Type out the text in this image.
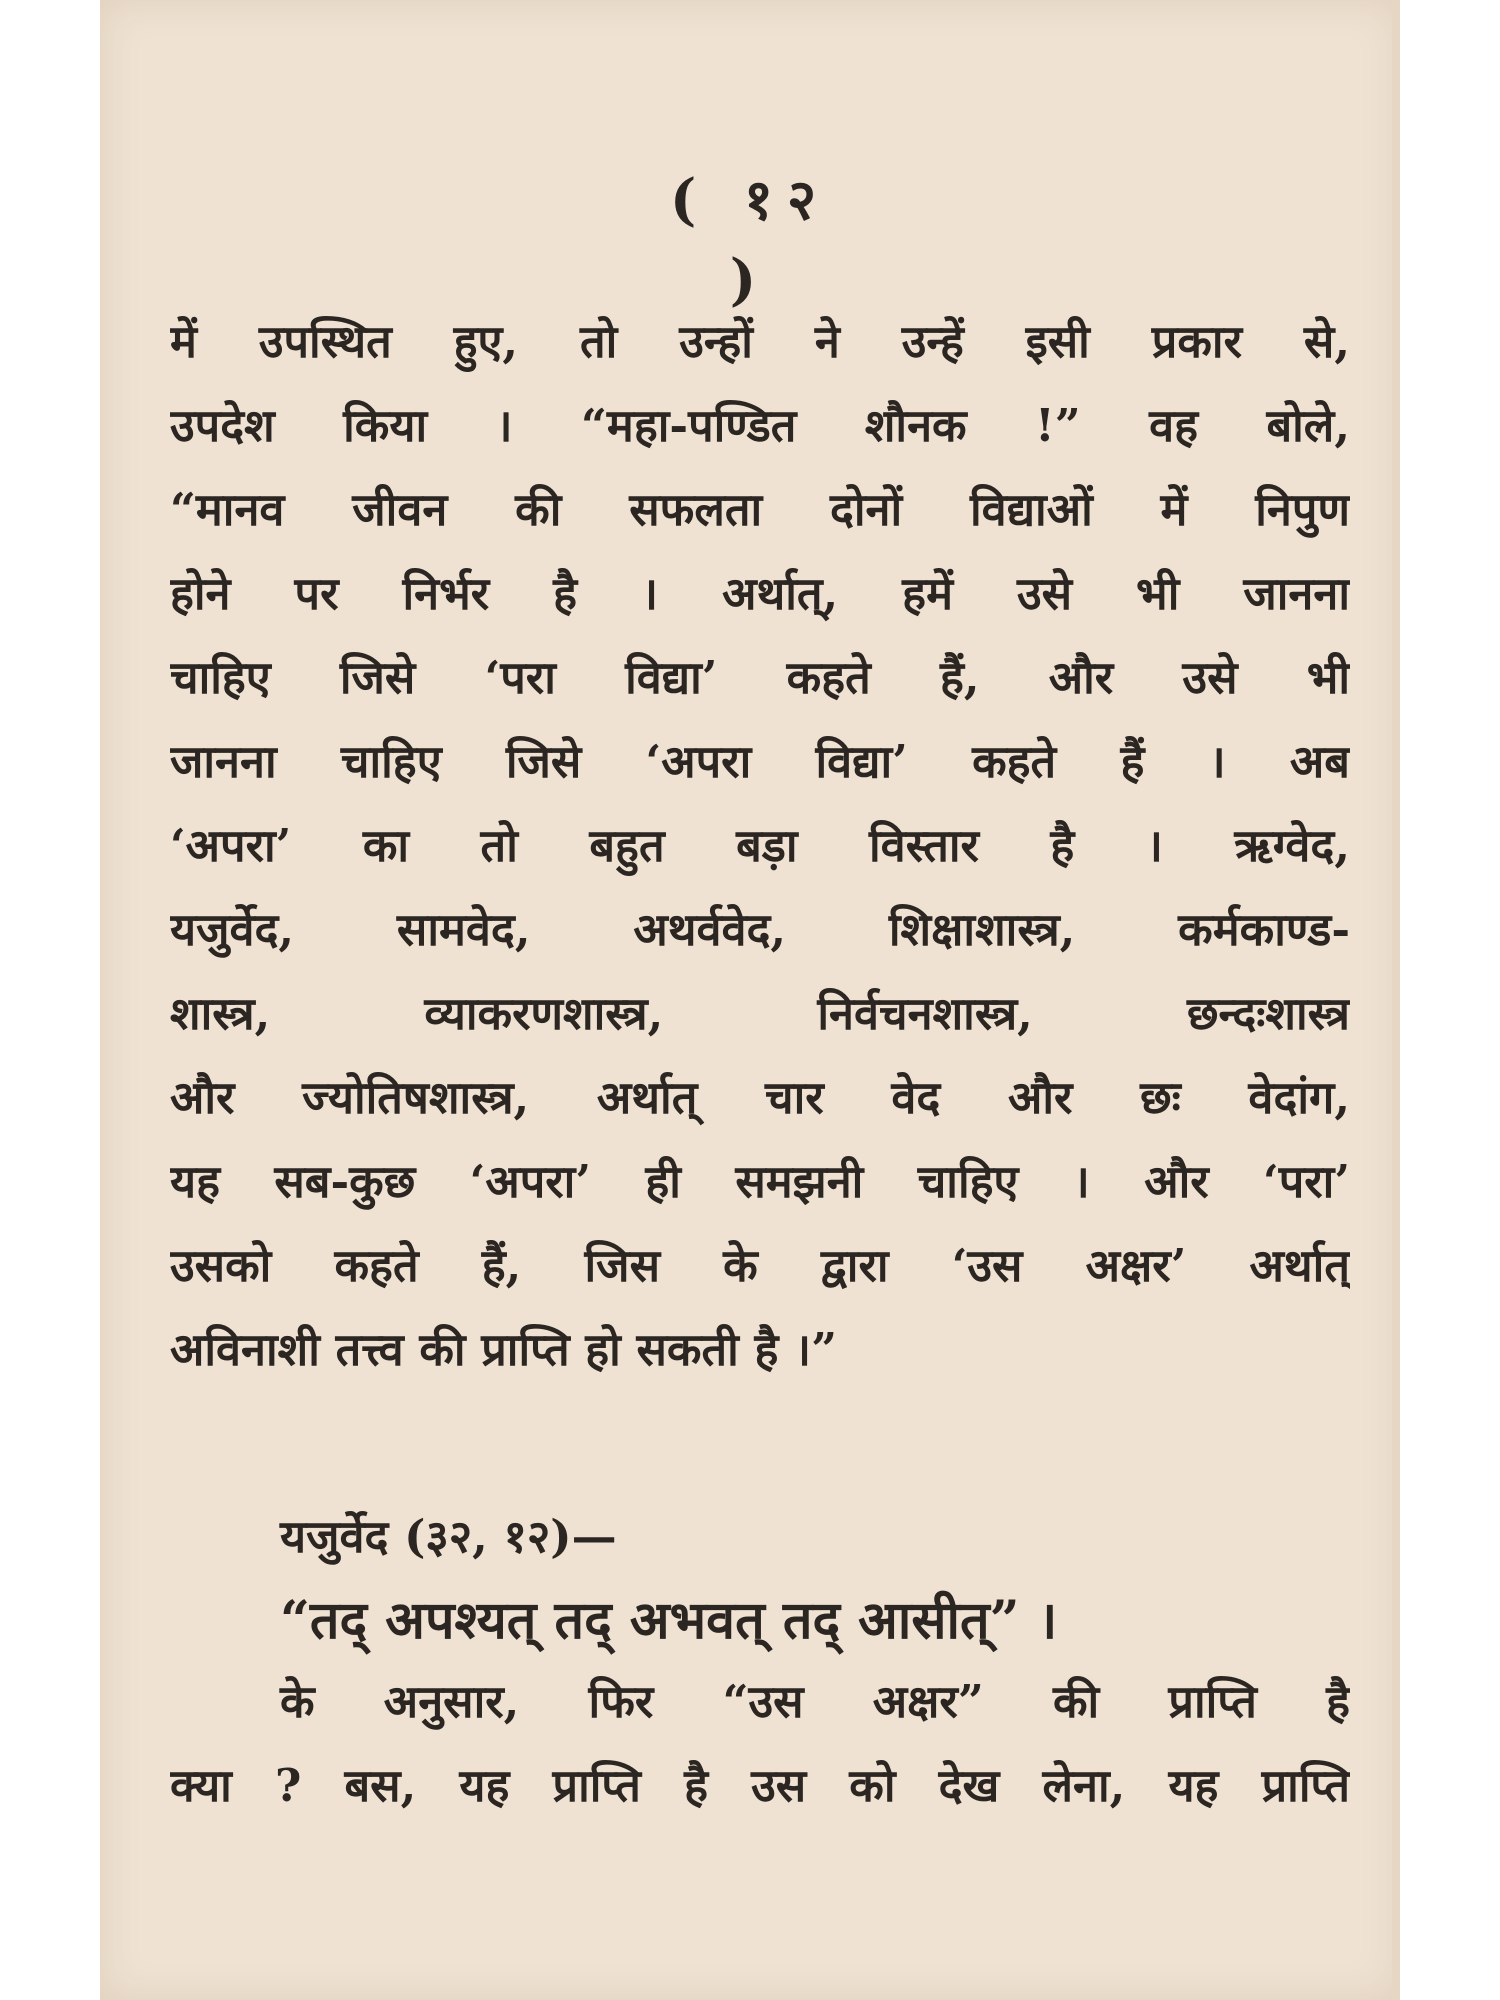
( १२ )
में उपस्थित हुए, तो उन्हों ने उन्हें इसी प्रकार से,
उपदेश किया । “महा-पण्डित शौनक !” वह बोले,
“मानव जीवन की सफलता दोनों विद्याओं में निपुण
होने पर निर्भर है । अर्थात्, हमें उसे भी जानना
चाहिए जिसे ‘परा विद्या’ कहते हैं, और उसे भी
जानना चाहिए जिसे ‘अपरा विद्या’ कहते हैं । अब
‘अपरा’ का तो बहुत बड़ा विस्तार है । ऋग्वेद,
यजुर्वेद, सामवेद, अथर्ववेद, शिक्षाशास्त्र, कर्मकाण्ड-
शास्त्र, व्याकरणशास्त्र, निर्वचनशास्त्र, छन्दःशास्त्र
और ज्योतिषशास्त्र, अर्थात् चार वेद और छः वेदांग,
यह सब-कुछ ‘अपरा’ ही समझनी चाहिए । और ‘परा’
उसको कहते हैं, जिस के द्वारा ‘उस अक्षर’ अर्थात्
अविनाशी तत्त्व की प्राप्ति हो सकती है ।”
यजुर्वेद (३२, १२)—
“तद् अपश्यत् तद् अभवत् तद् आसीत्” ।
के अनुसार, फिर “उस अक्षर” की प्राप्ति है
क्या ? बस, यह प्राप्ति है उस को देख लेना, यह प्राप्ति
